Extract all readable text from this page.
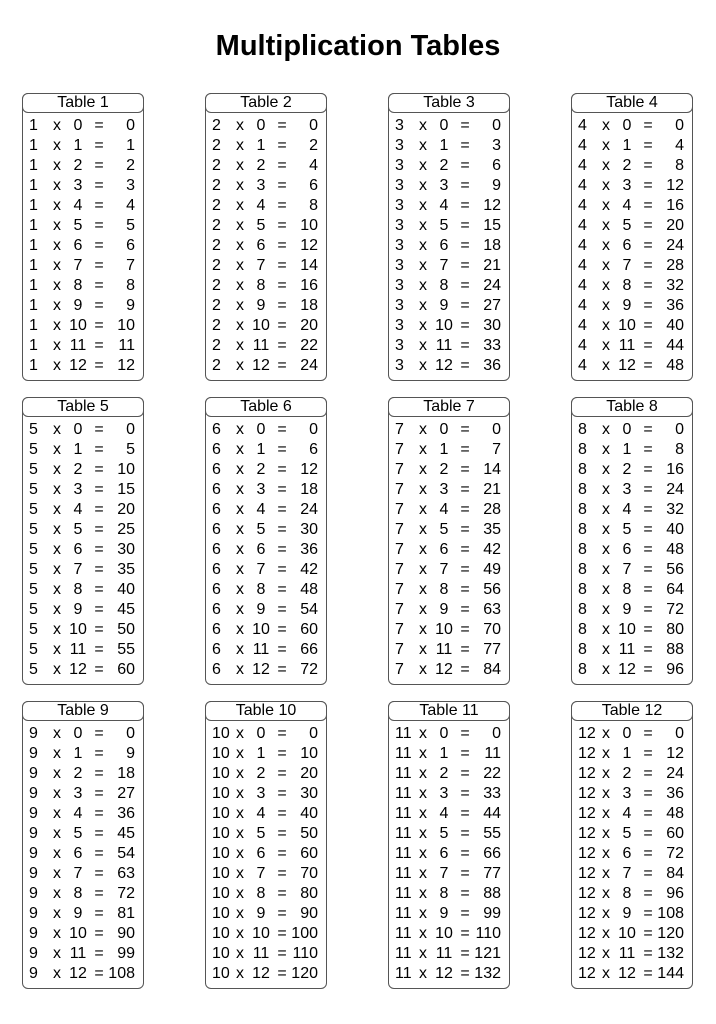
Multiplication Tables
Table 1
1 x 0 =	0
1 x 1 =	1
1 x 2 =	2
1 x 3 =	3
1 x 4 =	4
1 x 5 =	5
1 x 6 =	6
1 x 7 =	7
1 x 8 =	8
1 x 9 =	9
1 x 10 = 10
1 x 11 = 11
1 x 12 = 12
Table 2
2 x 0 =	0
2 x 1 =	2
2 x 2 =	4
2 x 3 =	6
2 x 4 =	8
2 x 5 = 10
2 x 6 = 12
2 x 7 = 14
2 x 8 = 16
2 x 9 = 18
2 x 10 = 20
2 x 11 = 22
2 x 12 = 24
Table 3
3 x 0 =	0
3 x 1 =	3
3 x 2 =	6
3 x 3 =	9
3 x 4 = 12
3 x 5 = 15
3 x 6 = 18
3 x 7 = 21
3 x 8 = 24
3 x 9 = 27
3 x 10 = 30
3 x 11 = 33
3 x 12 = 36
Table 4
4 x 0 =	0
4 x 1 =	4
4 x 2 =	8
4 x 3 = 12
4 x 4 = 16
4 x 5 = 20
4 x 6 = 24
4 x 7 = 28
4 x 8 = 32
4 x 9 = 36
4 x 10 = 40
4 x 11 = 44
4 x 12 = 48
Table 5
5 x 0 =	0
5 x 1 =	5
5 x 2 = 10
5 x 3 = 15
5 x 4 = 20
5 x 5 = 25
5 x 6 = 30
5 x 7 = 35
5 x 8 = 40
5 x 9 = 45
5 x 10 = 50
5 x 11 = 55
5 x 12 = 60
Table 6
6 x 0 =	0
6 x 1 =	6
6 x 2 = 12
6 x 3 = 18
6 x 4 = 24
6 x 5 = 30
6 x 6 = 36
6 x 7 = 42
6 x 8 = 48
6 x 9 = 54
6 x 10 = 60
6 x 11 = 66
6 x 12 = 72
Table 7
7 x 0 =	0
7 x 1 =	7
7 x 2 = 14
7 x 3 = 21
7 x 4 = 28
7 x 5 = 35
7 x 6 = 42
7 x 7 = 49
7 x 8 = 56
7 x 9 = 63
7 x 10 = 70
7 x 11 = 77
7 x 12 = 84
Table 8
8 x 0 =	0
8 x 1 =	8
8 x 2 = 16
8 x 3 = 24
8 x 4 = 32
8 x 5 = 40
8 x 6 = 48
8 x 7 = 56
8 x 8 = 64
8 x 9 = 72
8 x 10 = 80
8 x 11 = 88
8 x 12 = 96
Table 9
9 x 0 =	0
9 x 1 =	9
9 x 2 = 18
9 x 3 = 27
9 x 4 = 36
9 x 5 = 45
9 x 6 = 54
9 x 7 = 63
9 x 8 = 72
9 x 9 = 81
9 x 10 = 90
9 x 11 = 99
9 x 12 = 108
Table 10
10 x 0 =	0
10 x 1 = 10
10 x 2 = 20
10 x 3 = 30
10 x 4 = 40
10 x 5 = 50
10 x 6 = 60
10 x 7 = 70
10 x 8 = 80
10 x 9 = 90
10 x 10 = 100
10 x 11 = 110
10 x 12 = 120
Table 11
11 x 0 =	0
11 x 1 = 11
11 x 2 = 22
11 x 3 = 33
11 x 4 = 44
11 x 5 = 55
11 x 6 = 66
11 x 7 = 77
11 x 8 = 88
11 x 9 = 99
11 x 10 = 110
11 x 11 = 121
11 x 12 = 132
Table 12
12 x 0 =	0
12 x 1 = 12
12 x 2 = 24
12 x 3 = 36
12 x 4 = 48
12 x 5 = 60
12 x 6 = 72
12 x 7 = 84
12 x 8 = 96
12 x 9 = 108
12 x 10 = 120
12 x 11 = 132
12 x 12 = 144
